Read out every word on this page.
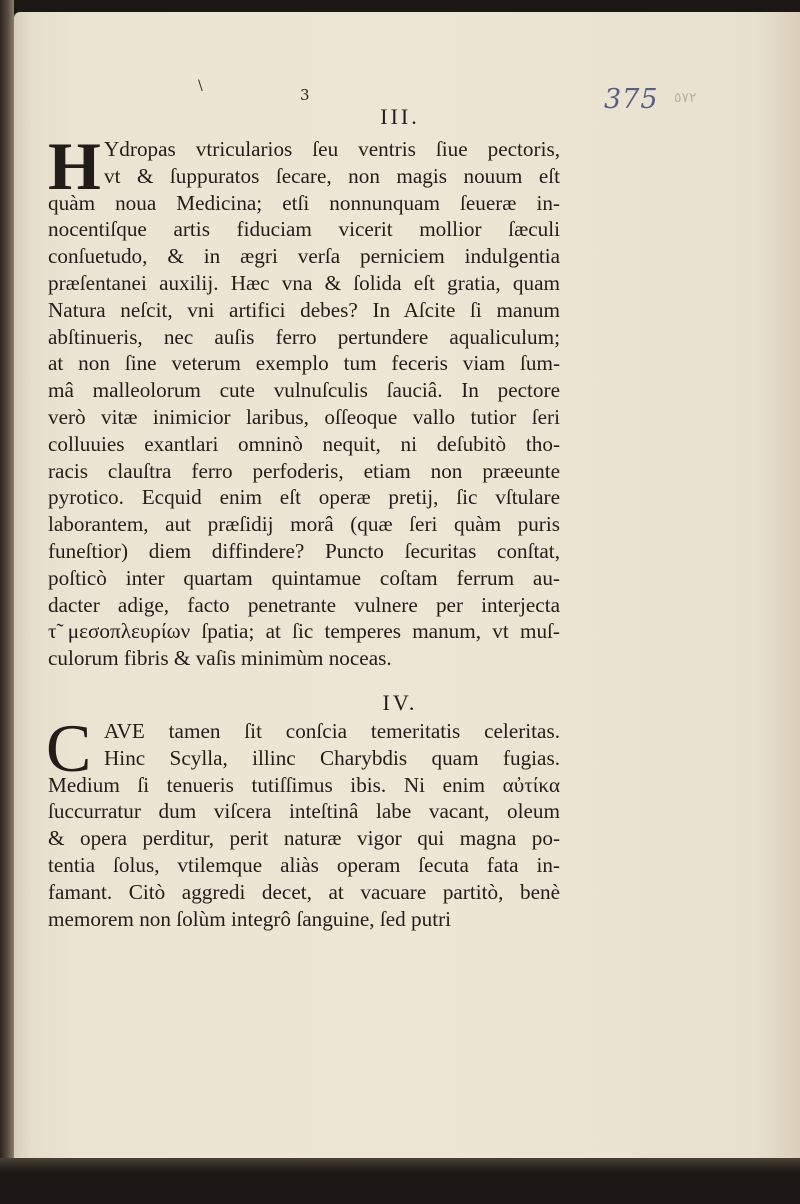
\	3	375 ٥٧٢
III.
H Ydropas vtricularios ſeu ventris ſiue pectoris,
vt & ſuppuratos ſecare, non magis nouum eſt
quàm noua Medicina; etſi nonnunquam ſeueræ in-
nocentiſque artis fiduciam vicerit mollior ſæculi
conſuetudo, & in ægri verſa perniciem indulgentia
præſentanei auxilij. Hæc vna & ſolida eſt gratia, quam
Natura neſcit, vni artifici debes? In Aſcite ſi manum
abſtinueris, nec auſis ferro pertundere aqualiculum;
at non ſine veterum exemplo tum feceris viam ſum-
mâ malleolorum cute vulnuſculis ſauciâ. In pectore
verò vitæ inimicior laribus, oſſeoque vallo tutior ſeri
colluuies exantlari omninò nequit, ni deſubitò tho-
racis clauſtra ferro perfoderis, etiam non præeunte
pyrotico. Ecquid enim eſt operæ pretij, ſic vſtulare
laborantem, aut præſidij morâ (quæ ſeri quàm puris
funeſtior) diem diffindere? Puncto ſecuritas conſtat,
poſticò inter quartam quintamue coſtam ferrum au-
dacter adige, facto penetrante vulnere per interjecta
τ̃ μεσοπλευρίων ſpatia; at ſic temperes manum, vt muſ-
culorum fibris & vaſis minimùm noceas.
IV.
C AVE tamen ſit conſcia temeritatis celeritas.
Hinc Scylla, illinc Charybdis quam fugias.
Medium ſi tenueris tutiſſimus ibis. Ni enim αὐτίκα
ſuccurratur dum viſcera inteſtinâ labe vacant, oleum
& opera perditur, perit naturæ vigor qui magna po-
tentia ſolus, vtilemque aliàs operam ſecuta fata in-
famant. Citò aggredi decet, at vacuare partitò, benè
memorem non ſolùm integrô ſanguine, ſed putri
